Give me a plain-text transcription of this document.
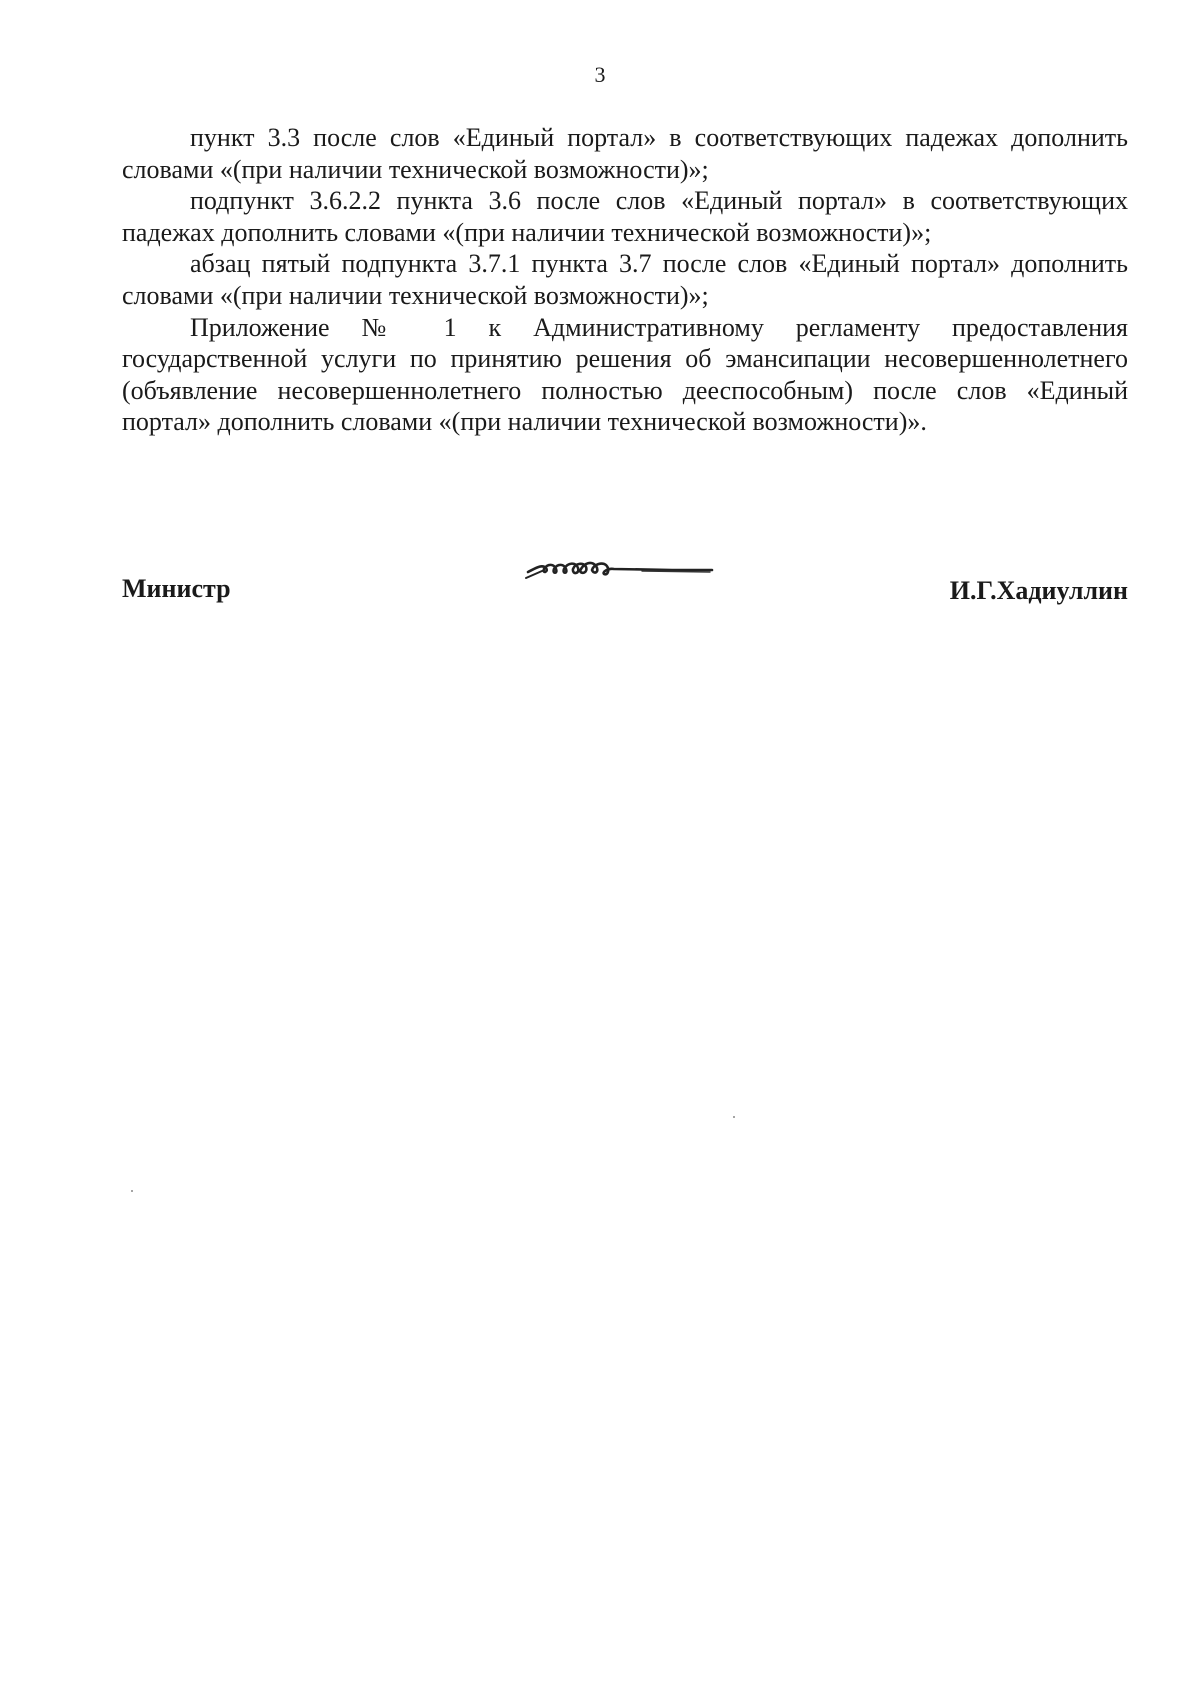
3

пункт 3.3 после слов «Единый портал» в соответствующих падежах дополнить словами «(при наличии технической возможности)»;

подпункт 3.6.2.2 пункта 3.6 после слов «Единый портал» в соответствующих падежах дополнить словами «(при наличии технической возможности)»;

абзац пятый подпункта 3.7.1 пункта 3.7 после слов «Единый портал» дополнить словами «(при наличии технической возможности)»;

Приложение № 1 к Административному регламенту предоставления государственной услуги по принятию решения об эмансипации несовершеннолетнего (объявление несовершеннолетнего полностью дееспособным) после слов «Единый портал» дополнить словами «(при наличии технической возможности)».

Министр	И.Г.Хадиуллин
